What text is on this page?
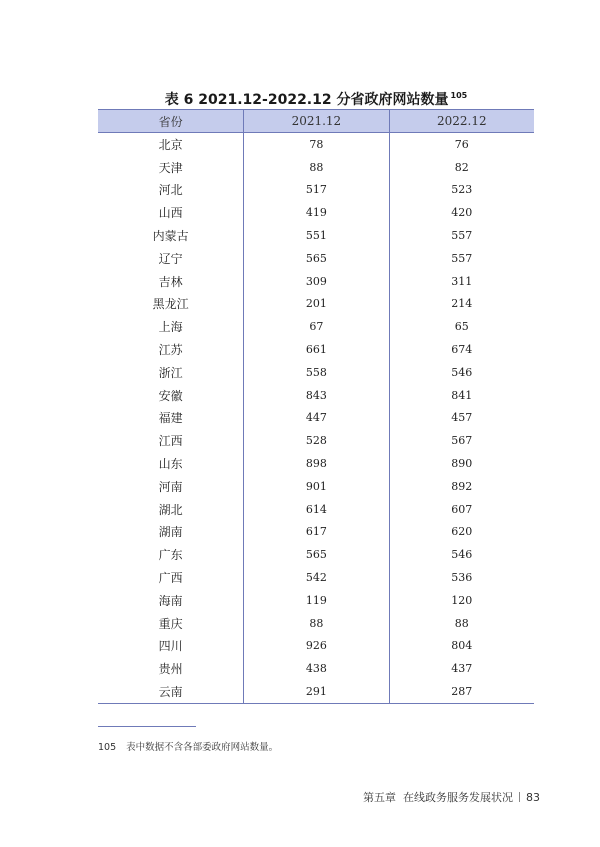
表 6 2021.12-2022.12 分省政府网站数量 $^{105}$
省份	2021.12	2022.12
北京	78	76
天津	88	82
河北	517	523
山西	419	420
内蒙古	551	557
辽宁	565	557
吉林	309	311
黑龙江	201	214
上海	67	65
江苏	661	674
浙江	558	546
安徽	843	841
福建	447	457
江西	528	567
山东	898	890
河南	901	892
湖北	614	607
湖南	617	620
广东	565	546
广西	542	536
海南	119	120
重庆	88	88
四川	926	804
贵州	438	437
云南	291	287
105 表中数据不含各部委政府网站数量。
第五章 在线政务服务发展状况 83
